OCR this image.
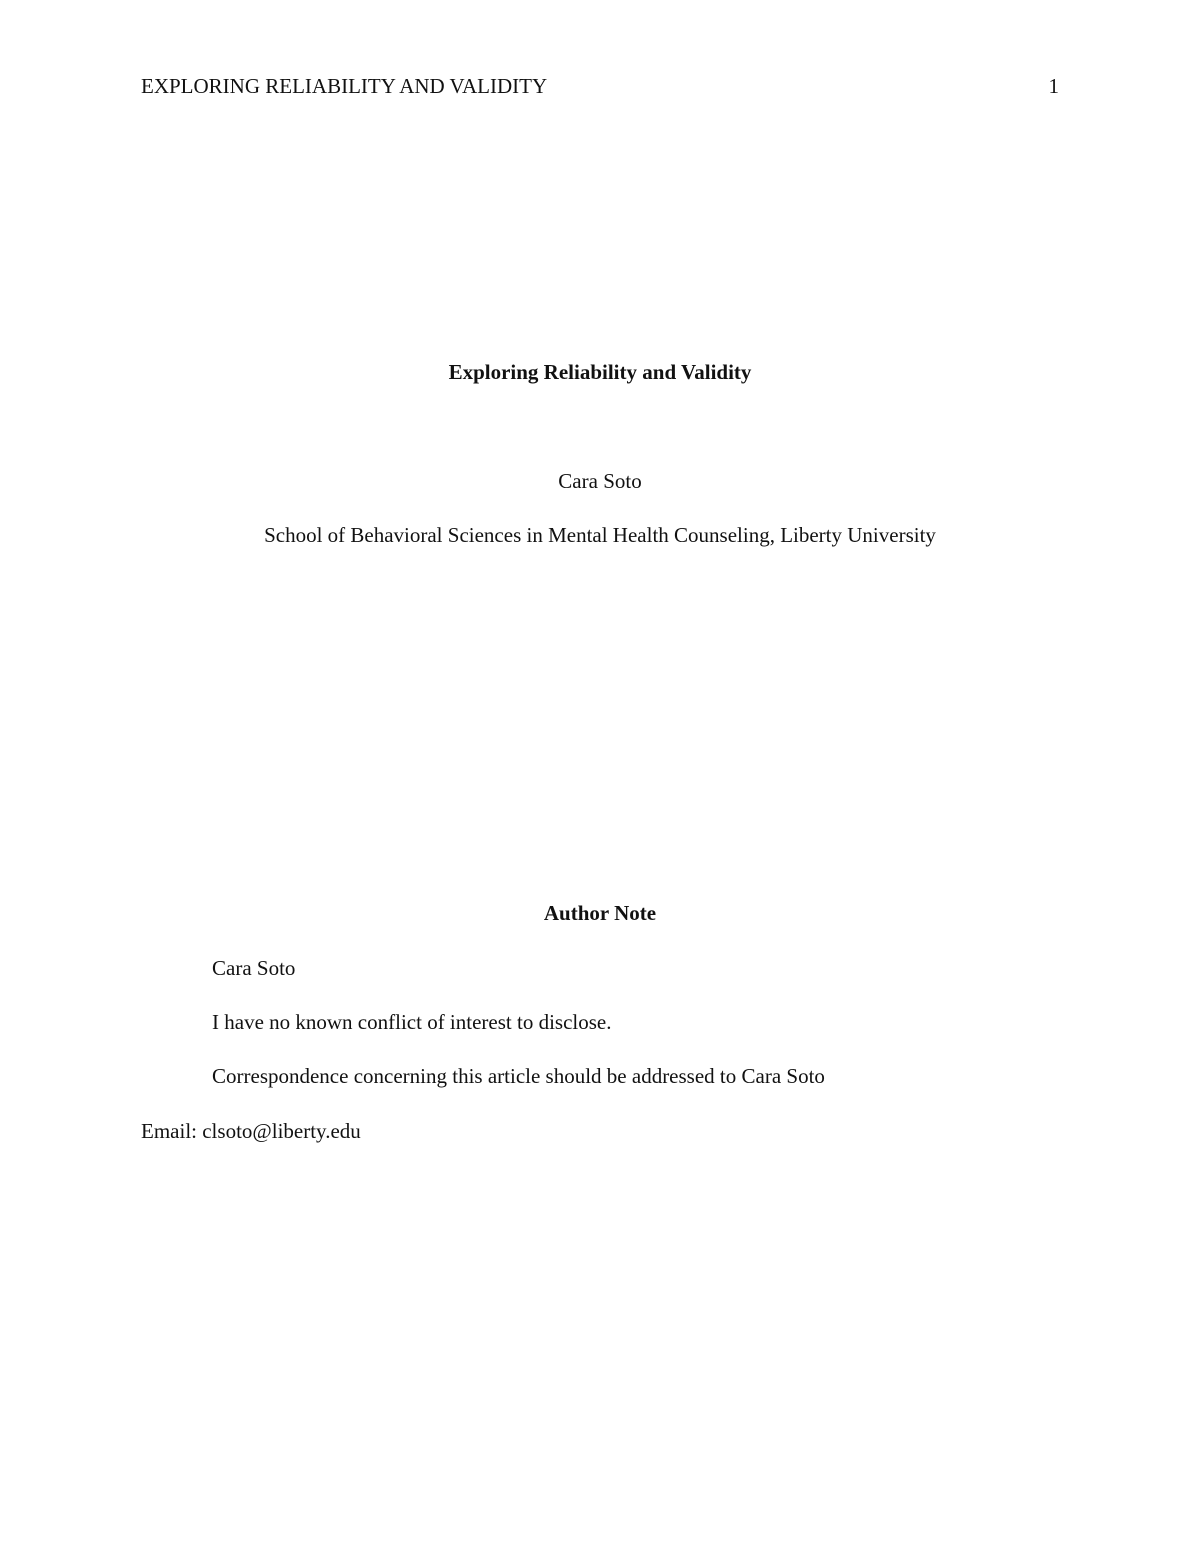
EXPLORING RELIABILITY AND VALIDITY	1
Exploring Reliability and Validity
Cara Soto
School of Behavioral Sciences in Mental Health Counseling, Liberty University
Author Note
Cara Soto
I have no known conflict of interest to disclose.
Correspondence concerning this article should be addressed to Cara Soto
Email: clsoto@liberty.edu
